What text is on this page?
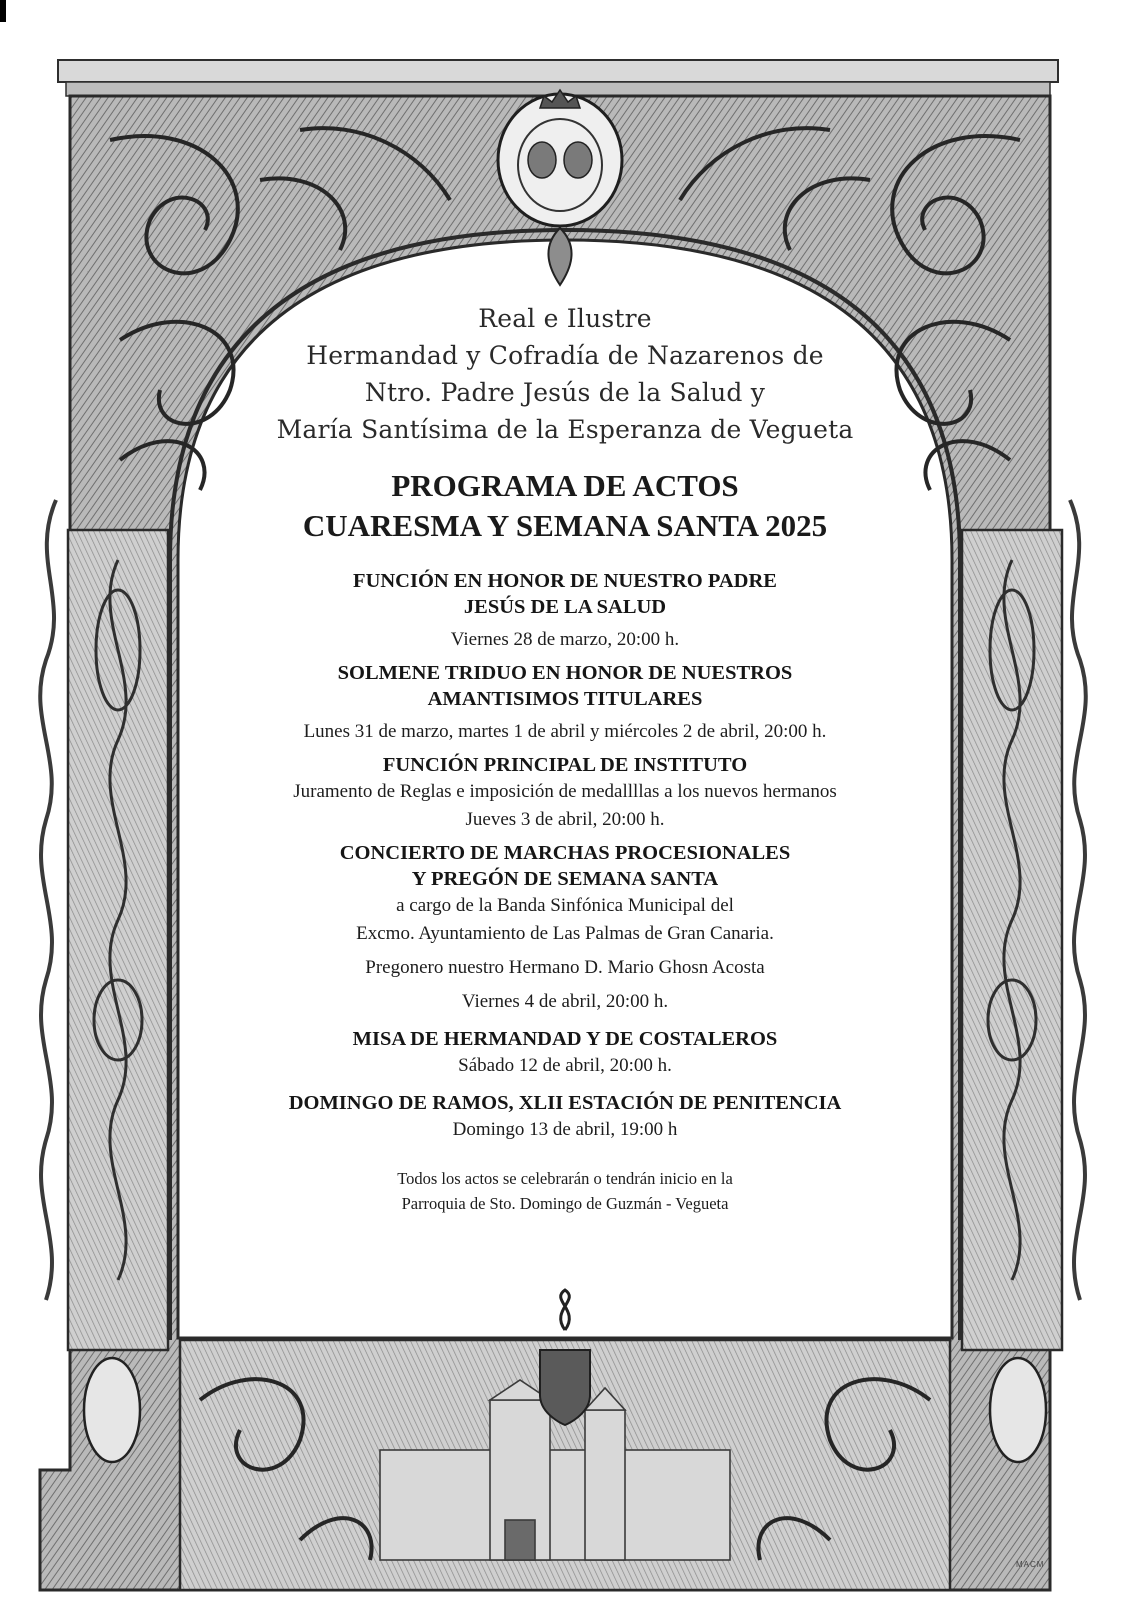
Real e Ilustre
Hermandad y Cofradía de Nazarenos de
Ntro. Padre Jesús de la Salud y
María Santísima de la Esperanza de Vegueta
PROGRAMA DE ACTOS
CUARESMA Y SEMANA SANTA 2025
FUNCIÓN EN HONOR DE NUESTRO PADRE
JESÚS DE LA SALUD
Viernes 28 de marzo, 20:00 h.
SOLMENE TRIDUO EN HONOR DE NUESTROS
AMANTISIMOS TITULARES
Lunes 31 de marzo, martes 1 de abril y miércoles 2 de abril, 20:00 h.
FUNCIÓN PRINCIPAL DE INSTITUTO
Juramento de Reglas e imposición de medallllas a los nuevos hermanos
Jueves 3 de abril, 20:00 h.
CONCIERTO DE MARCHAS PROCESIONALES
Y PREGÓN DE SEMANA SANTA
a cargo de la Banda Sinfónica Municipal del
Excmo. Ayuntamiento de Las Palmas de Gran Canaria.
Pregonero nuestro Hermano D. Mario Ghosn Acosta
Viernes 4 de abril, 20:00 h.
MISA DE HERMANDAD Y DE COSTALEROS
Sábado 12 de abril, 20:00 h.
DOMINGO DE RAMOS, XLII ESTACIÓN DE PENITENCIA
Domingo 13 de abril, 19:00 h
Todos los actos se celebrarán o tendrán inicio en la
Parroquia de Sto. Domingo de Guzmán - Vegueta
MACM
